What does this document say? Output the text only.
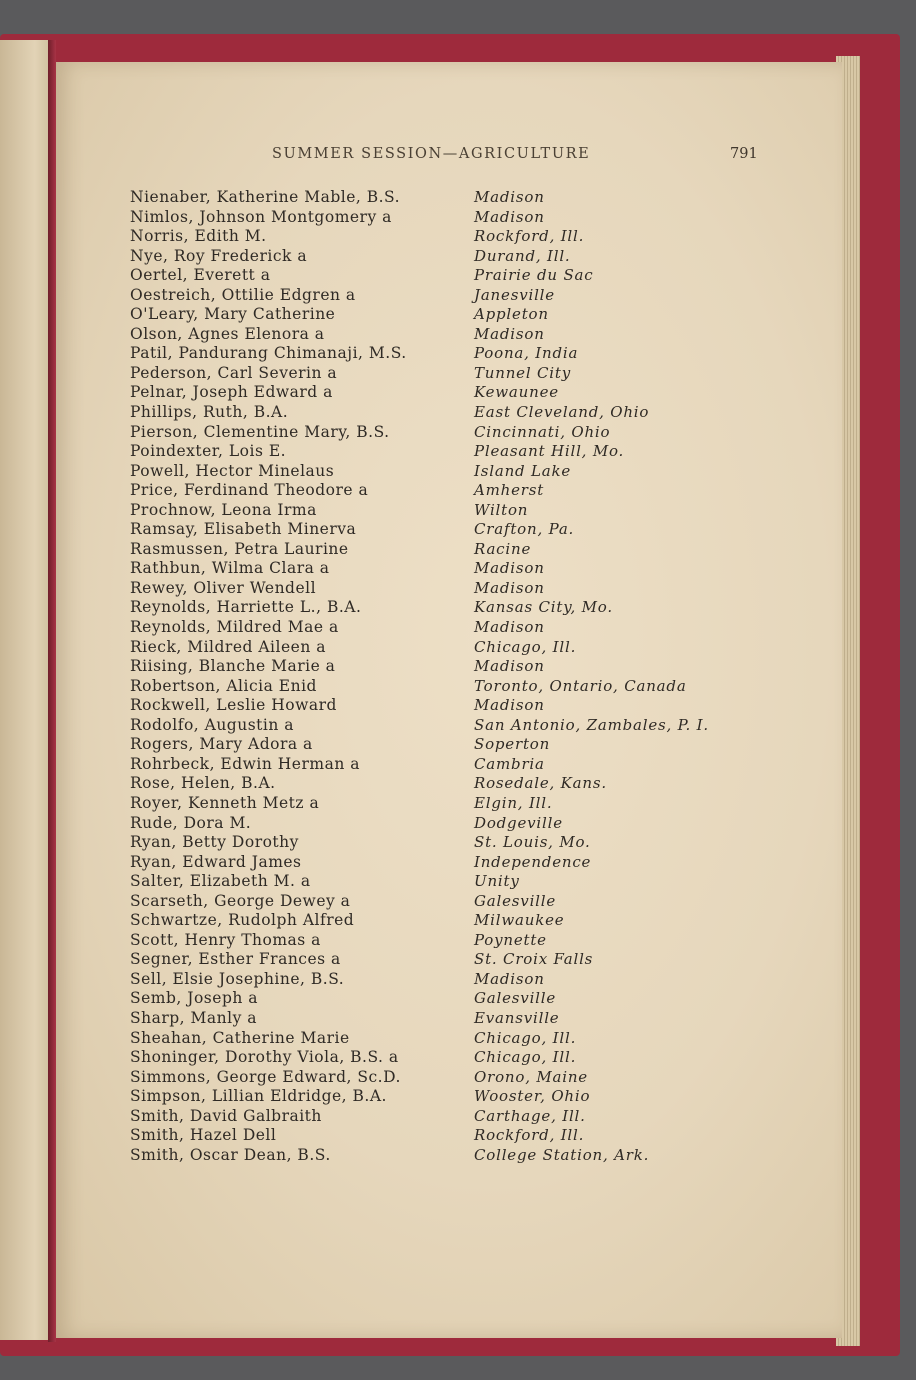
SUMMER SESSION—AGRICULTURE	791
Nienaber, Katherine Mable, B.S.	Madison
Nimlos, Johnson Montgomery a	Madison
Norris, Edith M.	Rockford, Ill.
Nye, Roy Frederick a	Durand, Ill.
Oertel, Everett a	Prairie du Sac
Oestreich, Ottilie Edgren a	Janesville
O'Leary, Mary Catherine	Appleton
Olson, Agnes Elenora a	Madison
Patil, Pandurang Chimanaji, M.S.	Poona, India
Pederson, Carl Severin a	Tunnel City
Pelnar, Joseph Edward a	Kewaunee
Phillips, Ruth, B.A.	East Cleveland, Ohio
Pierson, Clementine Mary, B.S.	Cincinnati, Ohio
Poindexter, Lois E.	Pleasant Hill, Mo.
Powell, Hector Minelaus	Island Lake
Price, Ferdinand Theodore a	Amherst
Prochnow, Leona Irma	Wilton
Ramsay, Elisabeth Minerva	Crafton, Pa.
Rasmussen, Petra Laurine	Racine
Rathbun, Wilma Clara a	Madison
Rewey, Oliver Wendell	Madison
Reynolds, Harriette L., B.A.	Kansas City, Mo.
Reynolds, Mildred Mae a	Madison
Rieck, Mildred Aileen a	Chicago, Ill.
Riising, Blanche Marie a	Madison
Robertson, Alicia Enid	Toronto, Ontario, Canada
Rockwell, Leslie Howard	Madison
Rodolfo, Augustin a	San Antonio, Zambales, P. I.
Rogers, Mary Adora a	Soperton
Rohrbeck, Edwin Herman a	Cambria
Rose, Helen, B.A.	Rosedale, Kans.
Royer, Kenneth Metz a	Elgin, Ill.
Rude, Dora M.	Dodgeville
Ryan, Betty Dorothy	St. Louis, Mo.
Ryan, Edward James	Independence
Salter, Elizabeth M. a	Unity
Scarseth, George Dewey a	Galesville
Schwartze, Rudolph Alfred	Milwaukee
Scott, Henry Thomas a	Poynette
Segner, Esther Frances a	St. Croix Falls
Sell, Elsie Josephine, B.S.	Madison
Semb, Joseph a	Galesville
Sharp, Manly a	Evansville
Sheahan, Catherine Marie	Chicago, Ill.
Shoninger, Dorothy Viola, B.S. a	Chicago, Ill.
Simmons, George Edward, Sc.D.	Orono, Maine
Simpson, Lillian Eldridge, B.A.	Wooster, Ohio
Smith, David Galbraith	Carthage, Ill.
Smith, Hazel Dell	Rockford, Ill.
Smith, Oscar Dean, B.S.	College Station, Ark.
